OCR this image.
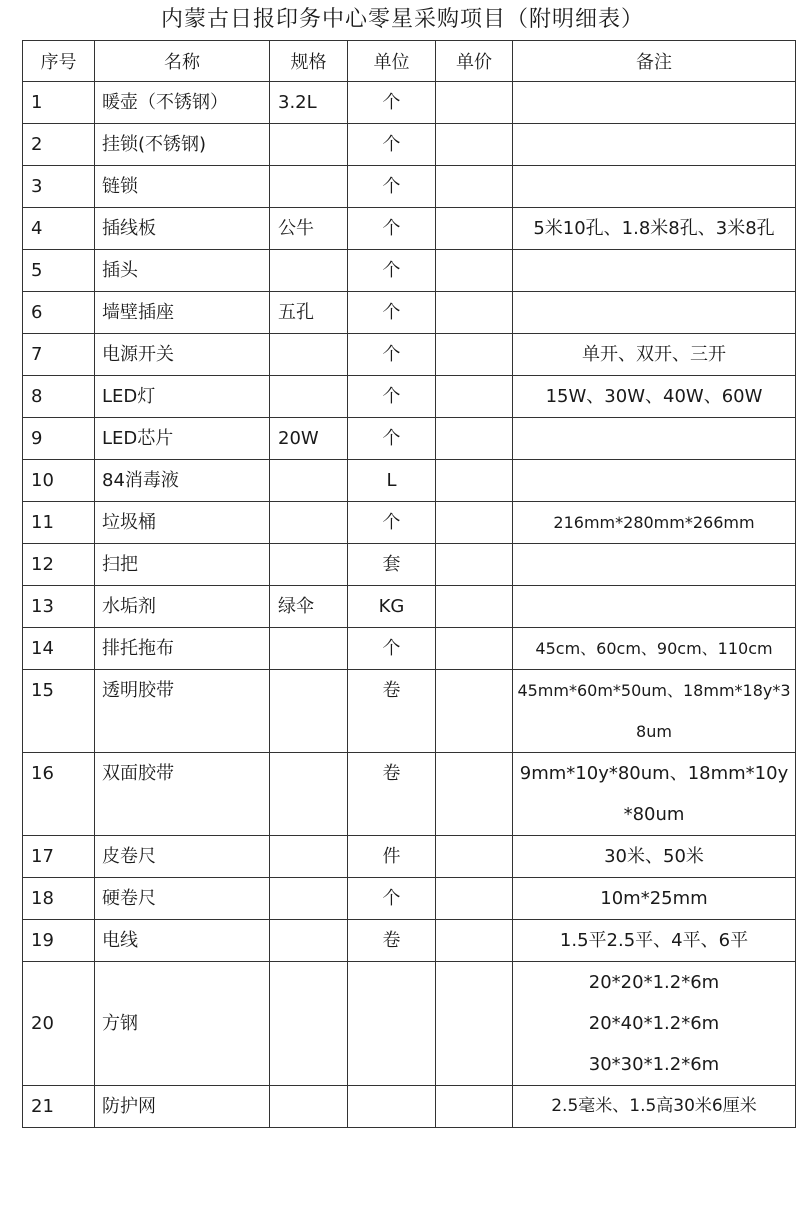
内蒙古日报印务中心零星采购项目（附明细表）
序号	名称	规格	单位	单价	备注
1	暖壶（不锈钢）	3.2L	个		
2	挂锁(不锈钢)		个		
3	链锁		个		
4	插线板	公牛	个		5米10孔、1.8米8孔、3米8孔
5	插头		个		
6	墙壁插座	五孔	个		
7	电源开关		个		单开、双开、三开
8	LED灯		个		15W、30W、40W、60W
9	LED芯片	20W	个		
10	84消毒液		L		
11	垃圾桶		个		216mm*280mm*266mm
12	扫把		套		
13	水垢剂	绿伞	KG		
14	排托拖布		个		45cm、60cm、90cm、110cm
15	透明胶带		卷		45mm*60m*50um、18mm*18y*38um
16	双面胶带		卷		9mm*10y*80um、18mm*10y*80um
17	皮卷尺		件		30米、50米
18	硬卷尺		个		10m*25mm
19	电线		卷		1.5平2.5平、4平、6平
20	方钢				20*20*1.2*6m
20*40*1.2*6m
30*30*1.2*6m

21	防护网				2.5毫米、1.5高30米6厘米
